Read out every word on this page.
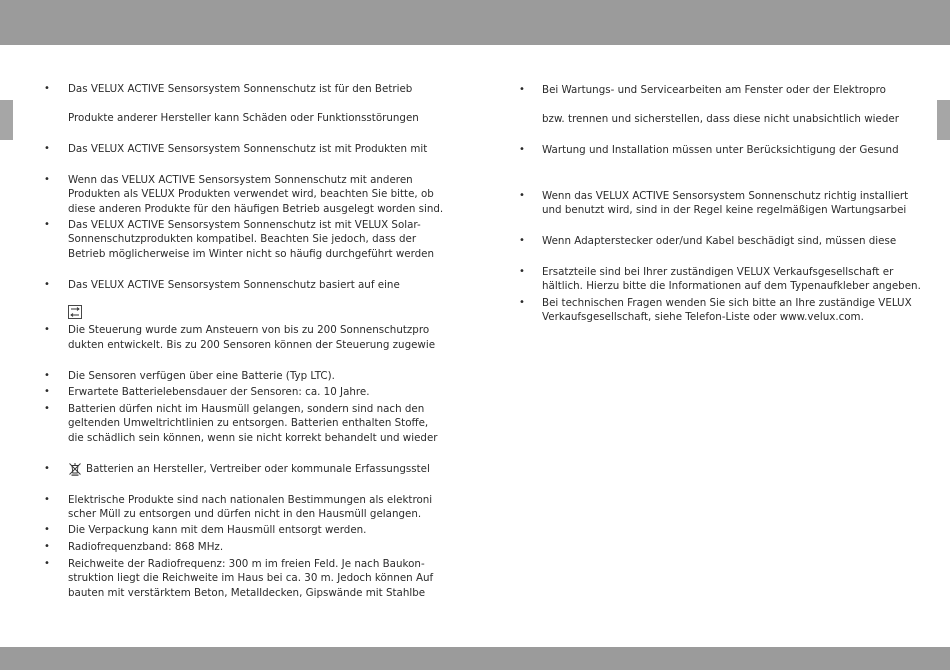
• Das VELUX ACTIVE Sensorsystem Sonnenschutz ist für den Betrieb
Produkte anderer Hersteller kann Schäden oder Funktionsstörungen
• Das VELUX ACTIVE Sensorsystem Sonnenschutz ist mit Produkten mit
• Wenn das VELUX ACTIVE Sensorsystem Sonnenschutz mit anderen
Produkten als VELUX Produkten verwendet wird, beachten Sie bitte, ob
diese anderen Produkte für den häufigen Betrieb ausgelegt worden sind.
• Das VELUX ACTIVE Sensorsystem Sonnenschutz ist mit VELUX Solar-
Sonnenschutzprodukten kompatibel. Beachten Sie jedoch, dass der
Betrieb möglicherweise im Winter nicht so häufig durchgeführt werden
• Das VELUX ACTIVE Sensorsystem Sonnenschutz basiert auf eine
• Die Steuerung wurde zum Ansteuern von bis zu 200 Sonnenschutzpro
dukten entwickelt. Bis zu 200 Sensoren können der Steuerung zugewie
• Die Sensoren verfügen über eine Batterie (Typ LTC).
• Erwartete Batterielebensdauer der Sensoren: ca. 10 Jahre.
• Batterien dürfen nicht im Hausmüll gelangen, sondern sind nach den
geltenden Umweltrichtlinien zu entsorgen. Batterien enthalten Stoffe,
die schädlich sein können, wenn sie nicht korrekt behandelt und wieder
•	Batterien an Hersteller, Vertreiber oder kommunale Erfassungsstel
• Elektrische Produkte sind nach nationalen Bestimmungen als elektroni
scher Müll zu entsorgen und dürfen nicht in den Hausmüll gelangen.
• Die Verpackung kann mit dem Hausmüll entsorgt werden.
• Radiofrequenzband: 868 MHz.
• Reichweite der Radiofrequenz: 300 m im freien Feld. Je nach Baukon-
struktion liegt die Reichweite im Haus bei ca. 30 m. Jedoch können Auf
bauten mit verstärktem Beton, Metalldecken, Gipswände mit Stahlbe
• Bei Wartungs- und Servicearbeiten am Fenster oder der Elektropro
bzw. trennen und sicherstellen, dass diese nicht unabsichtlich wieder
• Wartung und Installation müssen unter Berücksichtigung der Gesund
• Wenn das VELUX ACTIVE Sensorsystem Sonnenschutz richtig installiert
und benutzt wird, sind in der Regel keine regelmäßigen Wartungsarbei
• Wenn Adapterstecker oder/und Kabel beschädigt sind, müssen diese
• Ersatzteile sind bei Ihrer zuständigen VELUX Verkaufsgesellschaft er
hältlich. Hierzu bitte die Informationen auf dem Typenaufkleber angeben.
• Bei technischen Fragen wenden Sie sich bitte an Ihre zuständige VELUX
Verkaufsgesellschaft, siehe Telefon-Liste oder www.velux.com.
